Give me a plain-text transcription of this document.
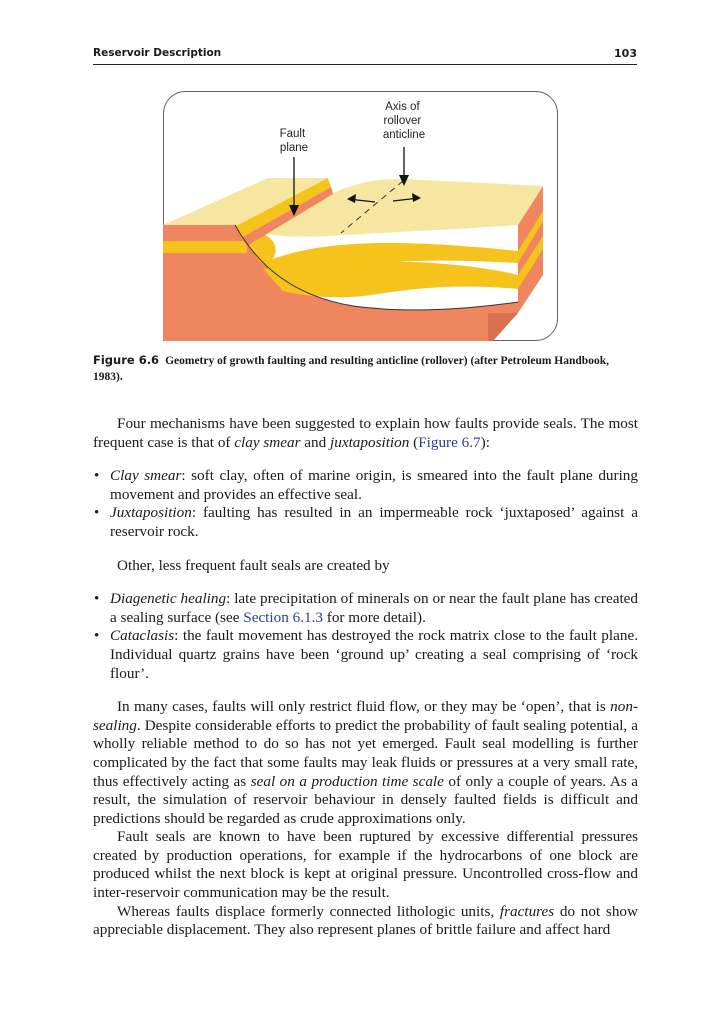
Reservoir Description	103
Fault plane
Axis of rollover anticline
Figure 6.6 Geometry of growth faulting and resulting anticline (rollover) (after Petroleum Handbook, 1983).

Four mechanisms have been suggested to explain how faults provide seals. The most frequent case is that of clay smear and juxtaposition (Figure 6.7):

• Clay smear: soft clay, often of marine origin, is smeared into the fault plane during movement and provides an effective seal.
• Juxtaposition: faulting has resulted in an impermeable rock ‘juxtaposed’ against a reservoir rock.

Other, less frequent fault seals are created by

• Diagenetic healing: late precipitation of minerals on or near the fault plane has created a sealing surface (see Section 6.1.3 for more detail).
• Cataclasis: the fault movement has destroyed the rock matrix close to the fault plane. Individual quartz grains have been ‘ground up’ creating a seal comprising of ‘rock flour’.

In many cases, faults will only restrict fluid flow, or they may be ‘open’, that is non-sealing. Despite considerable efforts to predict the probability of fault sealing potential, a wholly reliable method to do so has not yet emerged. Fault seal modelling is further complicated by the fact that some faults may leak fluids or pressures at a very small rate, thus effectively acting as seal on a production time scale of only a couple of years. As a result, the simulation of reservoir behaviour in densely faulted fields is difficult and predictions should be regarded as crude approximations only.

Fault seals are known to have been ruptured by excessive differential pressures created by production operations, for example if the hydrocarbons of one block are produced whilst the next block is kept at original pressure. Uncontrolled cross-flow and inter-reservoir communication may be the result.

Whereas faults displace formerly connected lithologic units, fractures do not show appreciable displacement. They also represent planes of brittle failure and affect hard
